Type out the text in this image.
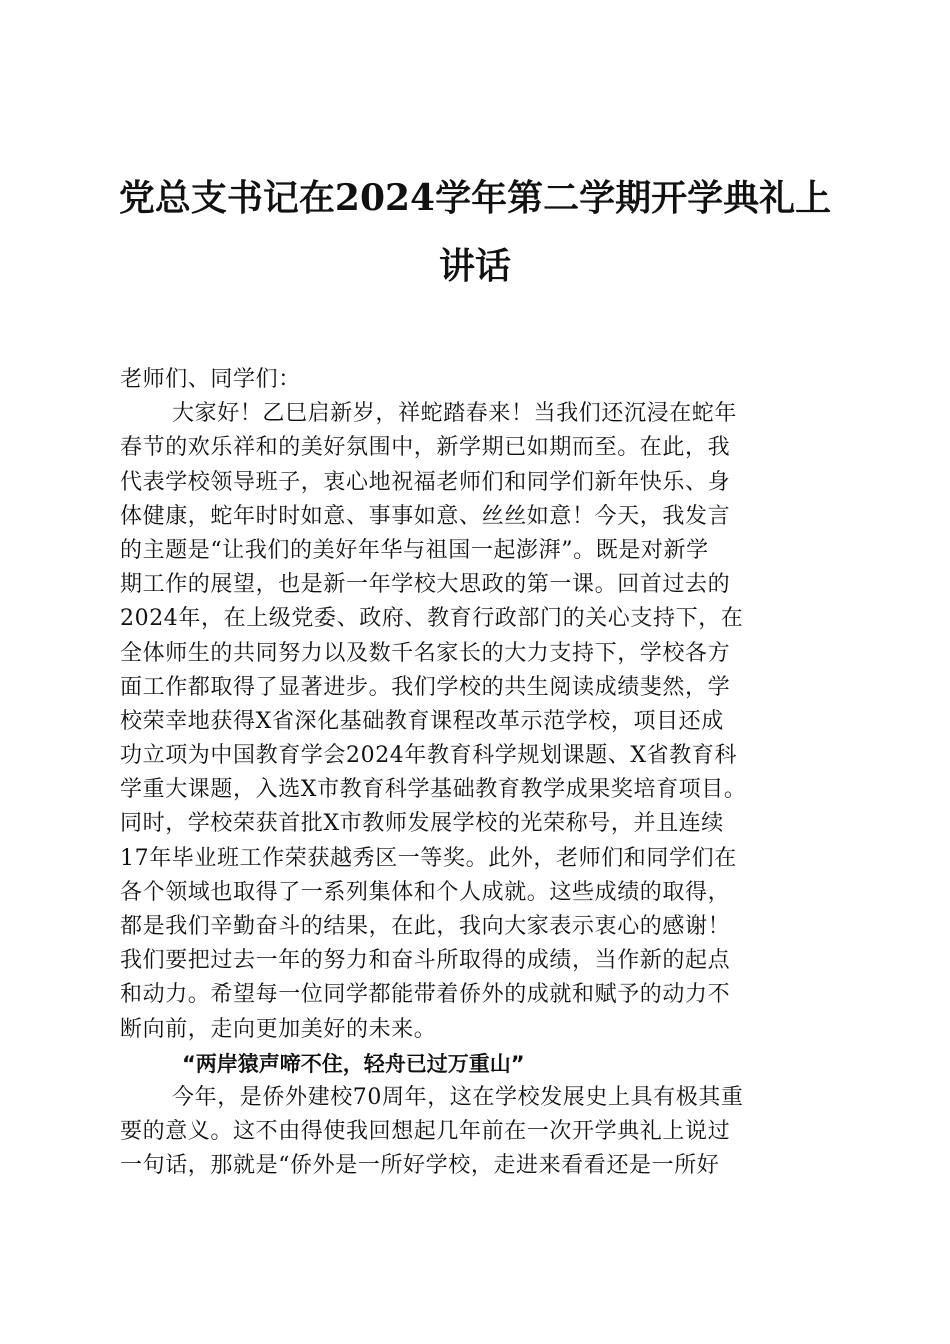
党总支书记在2024学年第二学期开学典礼上
讲话
老师们、同学们：
大家好！乙巳启新岁，祥蛇踏春来！当我们还沉浸在蛇年
春节的欢乐祥和的美好氛围中，新学期已如期而至。在此，我
代表学校领导班子，衷心地祝福老师们和同学们新年快乐、身
体健康，蛇年时时如意、事事如意、丝丝如意！今天，我发言
的主题是“让我们的美好年华与祖国一起澎湃”。既是对新学
期工作的展望，也是新一年学校大思政的第一课。回首过去的
2024年，在上级党委、政府、教育行政部门的关心支持下，在
全体师生的共同努力以及数千名家长的大力支持下，学校各方
面工作都取得了显著进步。我们学校的共生阅读成绩斐然，学
校荣幸地获得X省深化基础教育课程改革示范学校，项目还成
功立项为中国教育学会2024年教育科学规划课题、X省教育科
学重大课题，入选X市教育科学基础教育教学成果奖培育项目。
同时，学校荣获首批X市教师发展学校的光荣称号，并且连续
17年毕业班工作荣获越秀区一等奖。此外，老师们和同学们在
各个领域也取得了一系列集体和个人成就。这些成绩的取得，
都是我们辛勤奋斗的结果，在此，我向大家表示衷心的感谢！
我们要把过去一年的努力和奋斗所取得的成绩，当作新的起点
和动力。希望每一位同学都能带着侨外的成就和赋予的动力不
断向前，走向更加美好的未来。
“两岸猿声啼不住，轻舟已过万重山”
今年，是侨外建校70周年，这在学校发展史上具有极其重
要的意义。这不由得使我回想起几年前在一次开学典礼上说过
一句话，那就是“侨外是一所好学校，走进来看看还是一所好
